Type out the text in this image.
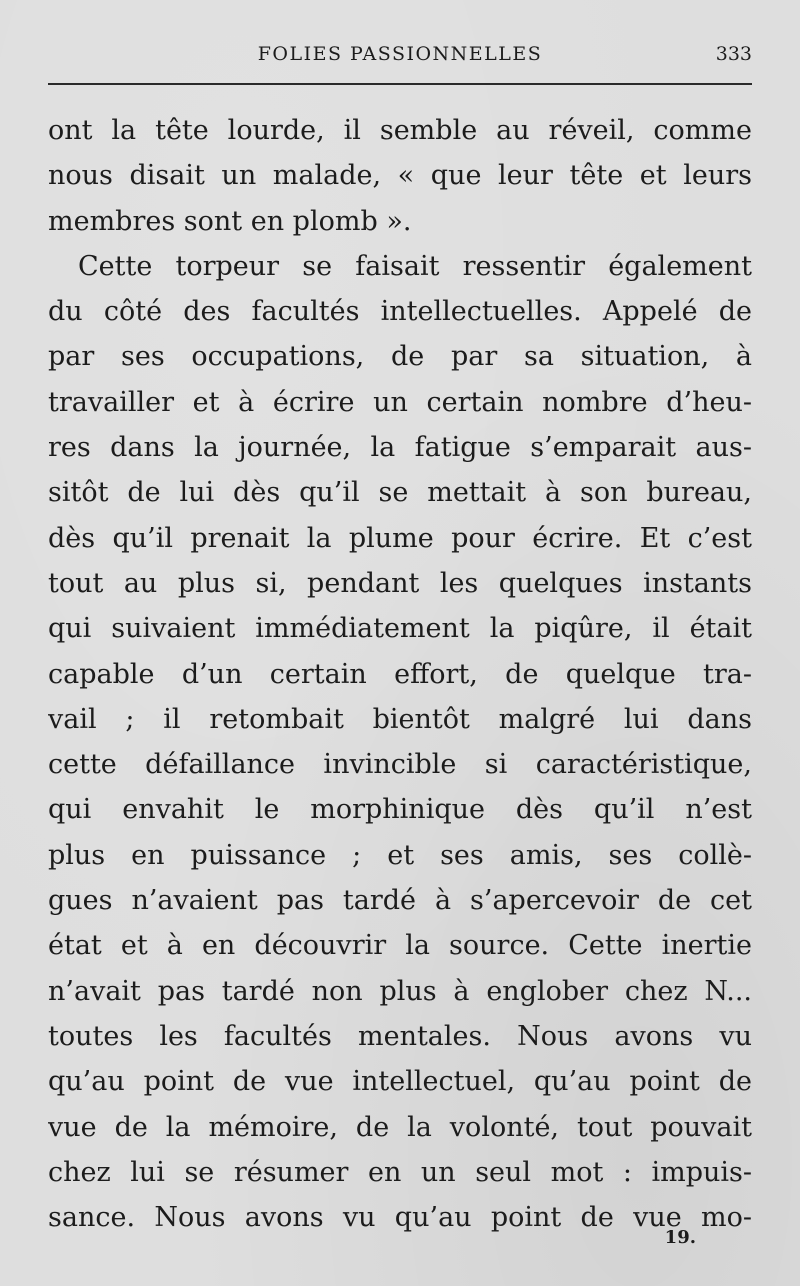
FOLIES PASSIONNELLES	333
ont la tête lourde, il semble au réveil, comme
nous disait un malade, « que leur tête et leurs
membres sont en plomb ».
Cette torpeur se faisait ressentir également
du côté des facultés intellectuelles. Appelé de
par ses occupations, de par sa situation, à
travailler et à écrire un certain nombre d’heu-
res dans la journée, la fatigue s’emparait aus-
sitôt de lui dès qu’il se mettait à son bureau,
dès qu’il prenait la plume pour écrire. Et c’est
tout au plus si, pendant les quelques instants
qui suivaient immédiatement la piqûre, il était
capable d’un certain effort, de quelque tra-
vail ; il retombait bientôt malgré lui dans
cette défaillance invincible si caractéristique,
qui envahit le morphinique dès qu’il n’est
plus en puissance ; et ses amis, ses collè-
gues n’avaient pas tardé à s’apercevoir de cet
état et à en découvrir la source. Cette inertie
n’avait pas tardé non plus à englober chez N...
toutes les facultés mentales. Nous avons vu
qu’au point de vue intellectuel, qu’au point de
vue de la mémoire, de la volonté, tout pouvait
chez lui se résumer en un seul mot : impuis-
sance. Nous avons vu qu’au point de vue mo-
19.
